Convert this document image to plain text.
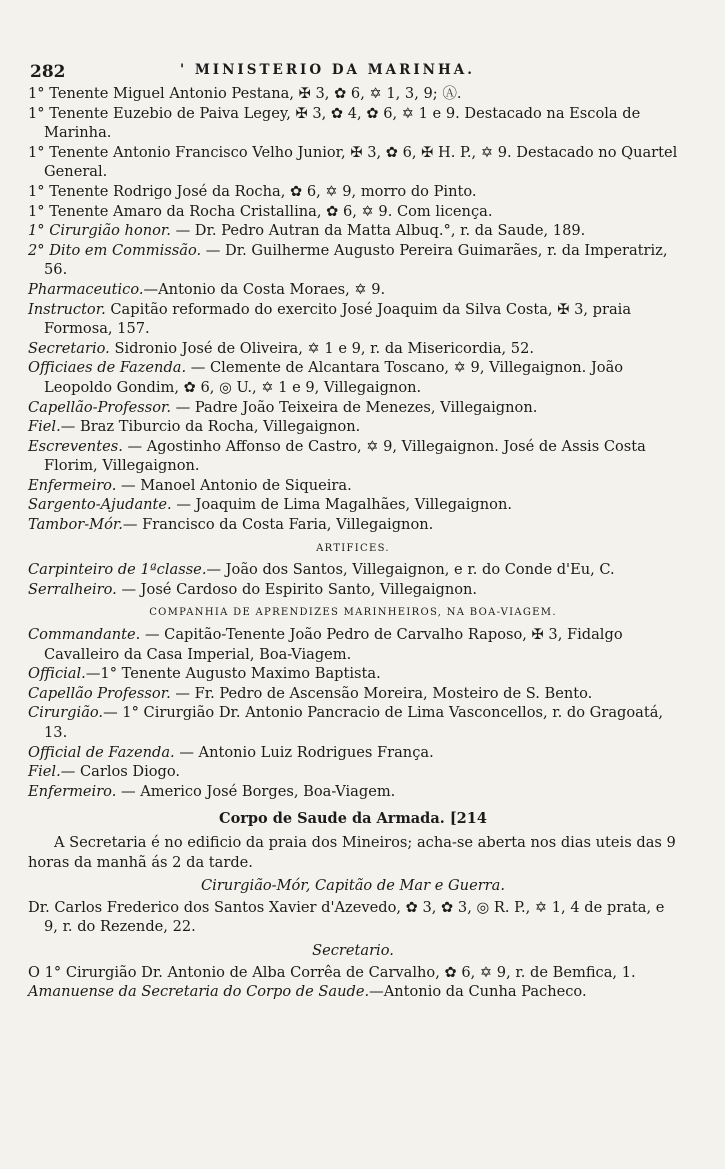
282	' MINISTERIO DA MARINHA.

1° Tenente Miguel Antonio Pestana, ✠ 3, ✿ 6, ✡ 1, 3, 9; Ⓐ.

1° Tenente Euzebio de Paiva Legey, ✠ 3, ✿ 4, ✿ 6, ✡ 1 e 9. Destacado na Escola de Marinha.

1° Tenente Antonio Francisco Velho Junior, ✠ 3, ✿ 6, ✠ H. P., ✡ 9. Destacado no Quartel General.

1° Tenente Rodrigo José da Rocha, ✿ 6, ✡ 9, morro do Pinto.

1° Tenente Amaro da Rocha Cristallina, ✿ 6, ✡ 9. Com licença.

1° Cirurgião honor. — Dr. Pedro Autran da Matta Albuq.°, r. da Saude, 189.

2° Dito em Commissão. — Dr. Guilherme Augusto Pereira Guimarães, r. da Imperatriz, 56.

Pharmaceutico.—Antonio da Costa Moraes, ✡ 9.

Instructor. Capitão reformado do exercito José Joaquim da Silva Costa, ✠ 3, praia Formosa, 157.

Secretario. Sidronio José de Oliveira, ✡ 1 e 9, r. da Misericordia, 52.

Officiaes de Fazenda. — Clemente de Alcantara Toscano, ✡ 9, Villegaignon. João Leopoldo Gondim, ✿ 6, ◎ U., ✡ 1 e 9, Villegaignon.

Capellão-Professor. — Padre João Teixeira de Menezes, Villegaignon.

Fiel.— Braz Tiburcio da Rocha, Villegaignon.

Escreventes. — Agostinho Affonso de Castro, ✡ 9, Villegaignon. José de Assis Costa Florim, Villegaignon.

Enfermeiro. — Manoel Antonio de Siqueira.

Sargento-Ajudante. — Joaquim de Lima Magalhães, Villegaignon.

Tambor-Mór.— Francisco da Costa Faria, Villegaignon.

ARTIFICES.

Carpinteiro de 1ªclasse.— João dos Santos, Villegaignon, e r. do Conde d'Eu, C.

Serralheiro. — José Cardoso do Espirito Santo, Villegaignon.

COMPANHIA DE APRENDIZES MARINHEIROS, NA BOA-VIAGEM.

Commandante. — Capitão-Tenente João Pedro de Carvalho Raposo, ✠ 3, Fidalgo Cavalleiro da Casa Imperial, Boa-Viagem.

Official.—1° Tenente Augusto Maximo Baptista.

Capellão Professor. — Fr. Pedro de Ascensão Moreira, Mosteiro de S. Bento.

Cirurgião.— 1° Cirurgião Dr. Antonio Pancracio de Lima Vasconcellos, r. do Gragoatá, 13.

Official de Fazenda. — Antonio Luiz Rodrigues França.

Fiel.— Carlos Diogo.

Enfermeiro. — Americo José Borges, Boa-Viagem.

Corpo de Saude da Armada. [214

A Secretaria é no edificio da praia dos Mineiros; acha-se aberta nos dias uteis das 9 horas da manhã ás 2 da tarde.

Cirurgião-Mór, Capitão de Mar e Guerra.

Dr. Carlos Frederico dos Santos Xavier d'Azevedo, ✿ 3, ✿ 3, ◎ R. P., ✡ 1, 4 de prata, e 9, r. do Rezende, 22.

Secretario.

O 1° Cirurgião Dr. Antonio de Alba Corrêa de Carvalho, ✿ 6, ✡ 9, r. de Bemfica, 1.

Amanuense da Secretaria do Corpo de Saude.—Antonio da Cunha Pacheco.
